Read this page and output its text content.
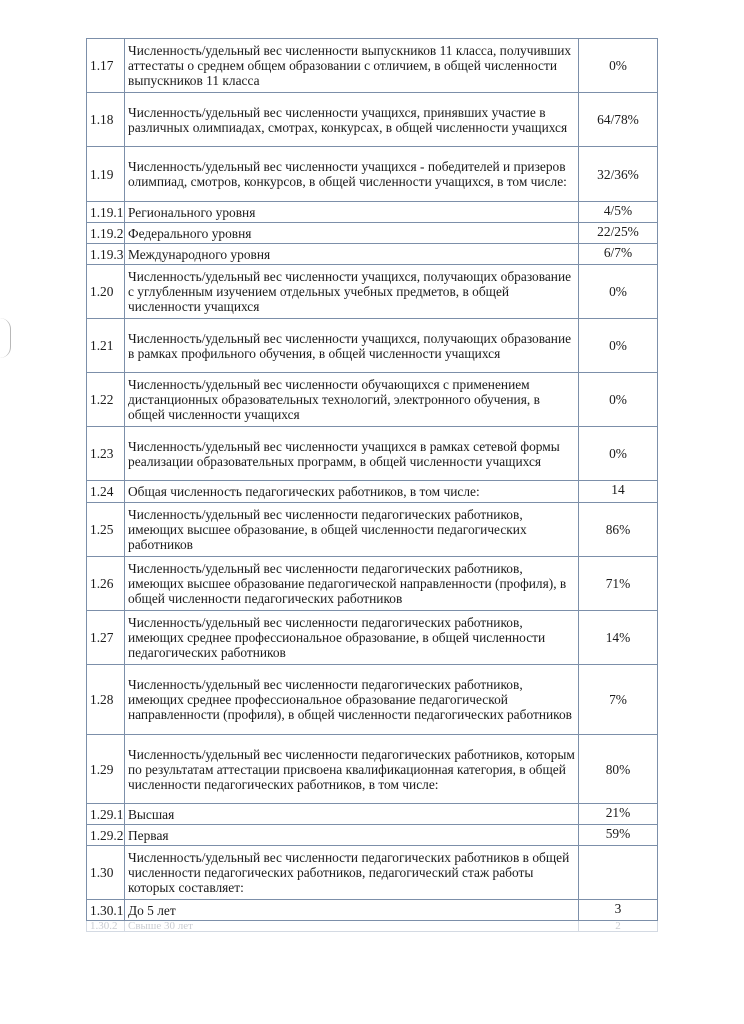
1.17	Численность/удельный вес численности выпускников 11 класса, получивших аттестаты о среднем общем образовании с отличием, в общей численности выпускников 11 класса	0%
1.18	Численность/удельный вес численности учащихся, принявших участие в различных олимпиадах, смотрах, конкурсах, в общей численности учащихся	64/78%
1.19	Численность/удельный вес численности учащихся - победителей и призеров олимпиад, смотров, конкурсов, в общей численности учащихся, в том числе:	32/36%
1.19.1	Регионального уровня	4/5%
1.19.2	Федерального уровня	22/25%
1.19.3	Международного уровня	6/7%
1.20	Численность/удельный вес численности учащихся, получающих образование с углубленным изучением отдельных учебных предметов, в общей численности учащихся	0%
1.21	Численность/удельный вес численности учащихся, получающих образование в рамках профильного обучения, в общей численности учащихся	0%
1.22	Численность/удельный вес численности обучающихся с применением дистанционных образовательных технологий, электронного обучения, в общей численности учащихся	0%
1.23	Численность/удельный вес численности учащихся в рамках сетевой формы реализации образовательных программ, в общей численности учащихся	0%
1.24	Общая численность педагогических работников, в том числе:	14
1.25	Численность/удельный вес численности педагогических работников, имеющих высшее образование, в общей численности педагогических работников	86%
1.26	Численность/удельный вес численности педагогических работников, имеющих высшее образование педагогической направленности (профиля), в общей численности педагогических работников	71%
1.27	Численность/удельный вес численности педагогических работников, имеющих среднее профессиональное образование, в общей численности педагогических работников	14%
1.28	Численность/удельный вес численности педагогических работников, имеющих среднее профессиональное образование педагогической направленности (профиля), в общей численности педагогических работников	7%
1.29	Численность/удельный вес численности педагогических работников, которым по результатам аттестации присвоена квалификационная категория, в общей численности педагогических работников, в том числе:	80%
1.29.1	Высшая	21%
1.29.2	Первая	59%
1.30	Численность/удельный вес численности педагогических работников в общей численности педагогических работников, педагогический стаж работы которых составляет:	
1.30.1	До 5 лет	3
1.30.2	Свыше 30 лет	2
